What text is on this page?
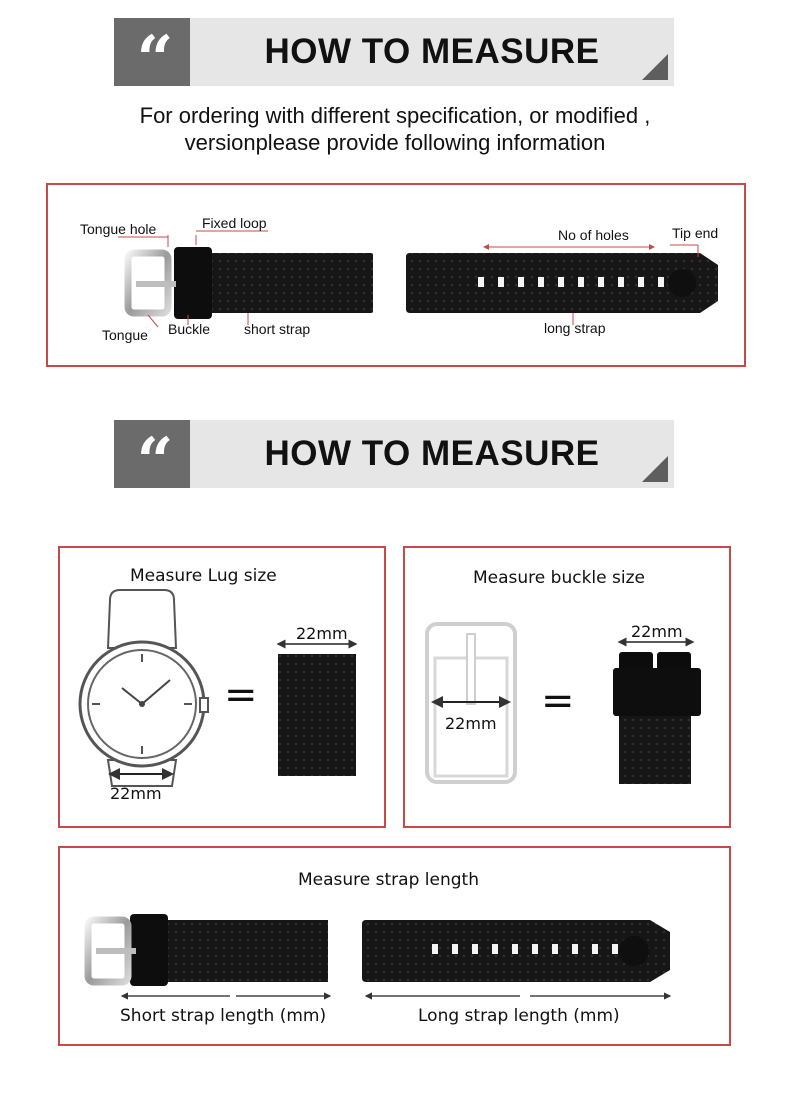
“	HOW TO MEASURE
For ordering with different specification, or modified ,
versionplease provide following information
Tongue hole	Fixed loop
Tongue Buckle short strap
No of holes	Tip end
long strap
“	HOW TO MEASURE
Measure Lug size
=
22mm
22mm
Measure buckle size
=
22mm
22mm
Measure strap length
Short strap length (mm)	Long strap length (mm)
